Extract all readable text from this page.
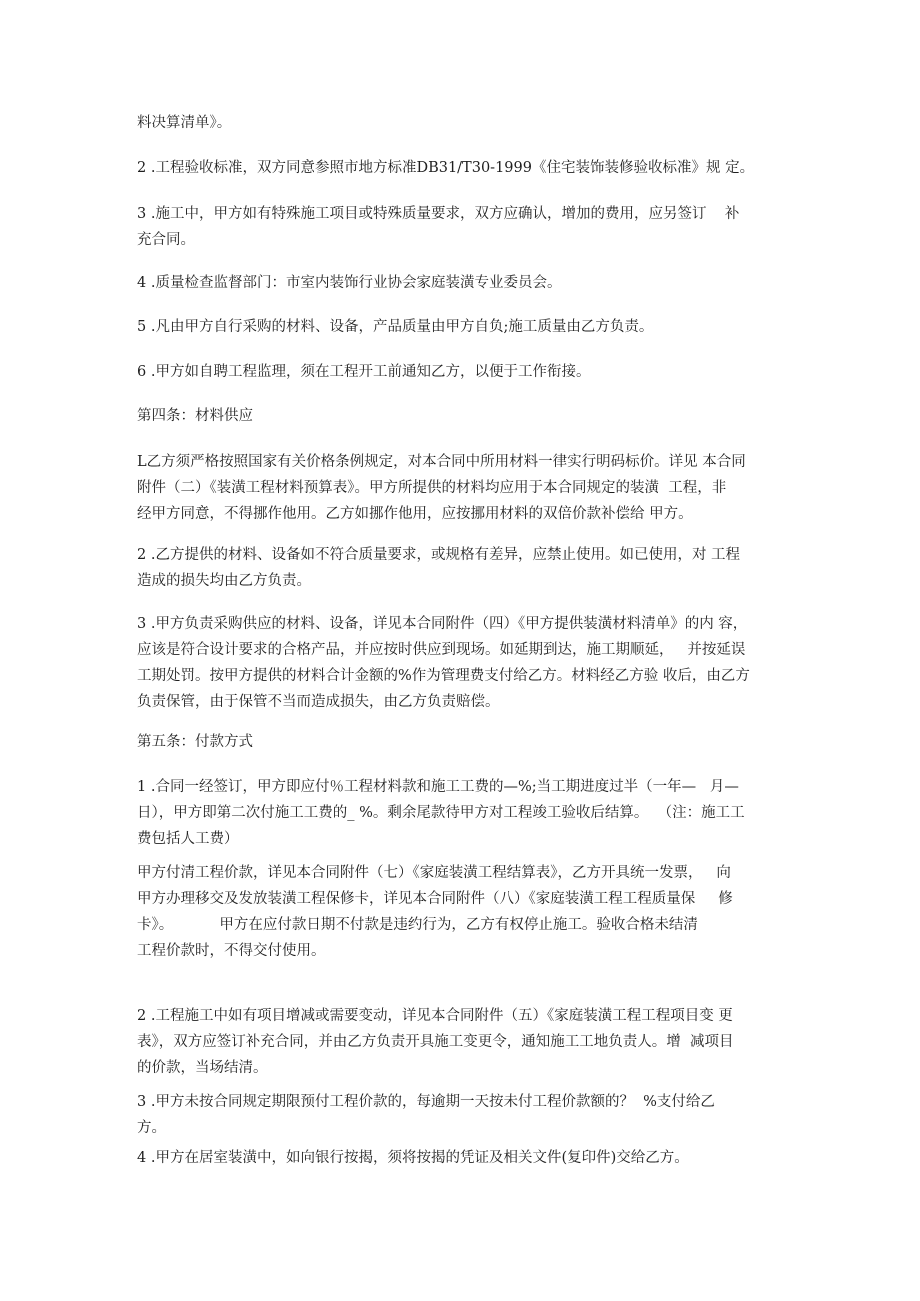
料决算清单》。

2 .工程验收标准，双方同意参照市地方标准DB31/T30-1999《住宅装饰装修验收标准》规 定。

3 .施工中，甲方如有特殊施工项目或特殊质量要求，双方应确认，增加的费用，应另签订    补
充合同。

4 .质量检查监督部门：市室内装饰行业协会家庭装潢专业委员会。

5 .凡由甲方自行采购的材料、设备，产品质量由甲方自负;施工质量由乙方负责。

6 .甲方如自聘工程监理，须在工程开工前通知乙方，以便于工作衔接。

第四条：材料供应

L乙方须严格按照国家有关价格条例规定，对本合同中所用材料一律实行明码标价。详见 本合同
附件（二）《装潢工程材料预算表》。甲方所提供的材料均应用于本合同规定的装潢  工程，非
经甲方同意，不得挪作他用。乙方如挪作他用，应按挪用材料的双倍价款补偿给 甲方。

2 .乙方提供的材料、设备如不符合质量要求，或规格有差异，应禁止使用。如已使用，对 工程
造成的损失均由乙方负责。

3 .甲方负责采购供应的材料、设备，详见本合同附件（四）《甲方提供装潢材料清单》的内 容，
应该是符合设计要求的合格产品，并应按时供应到现场。如延期到达，施工期顺延，   并按延误
工期处罚。按甲方提供的材料合计金额的%作为管理费支付给乙方。材料经乙方验 收后，由乙方
负责保管，由于保管不当而造成损失，由乙方负责赔偿。

第五条：付款方式

1 .合同一经签订，甲方即应付％工程材料款和施工工费的—%;当工期进度过半（一年—   月—
日），甲方即第二次付施工工费的_ %。剩余尾款待甲方对工程竣工验收后结算。  （注：施工工
费包括人工费）

甲方付清工程价款，详见本合同附件（七）《家庭装潢工程结算表》，乙方开具统一发票，   向
甲方办理移交及发放装潢工程保修卡，详见本合同附件（八）《家庭装潢工程工程质量保     修
卡》。          甲方在应付款日期不付款是违约行为，乙方有权停止施工。验收合格未结清
工程价款时，不得交付使用。

2 .工程施工中如有项目增减或需要变动，详见本合同附件（五）《家庭装潢工程工程项目变 更
表》，双方应签订补充合同，并由乙方负责开具施工变更令，通知施工工地负责人。增  减项目
的价款，当场结清。

3 .甲方未按合同规定期限预付工程价款的，每逾期一天按未付工程价款额的？  %支付给乙
方。

4 .甲方在居室装潢中，如向银行按揭，须将按揭的凭证及相关文件(复印件)交给乙方。
